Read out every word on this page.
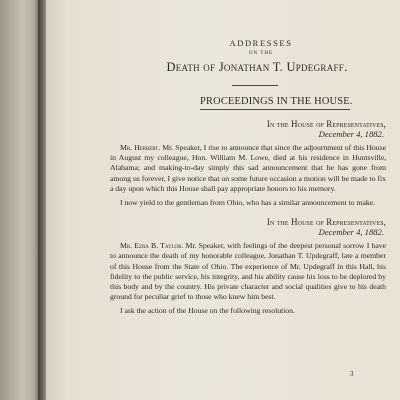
ADDRESSES
ON THE
Death of Jonathan T. Updegraff.
PROCEEDINGS IN THE HOUSE.
In the House of Representatives,
December 4, 1882.

Mr. Herbert. Mr. Speaker, I rise to announce that since the adjournment of this House in August my colleague, Hon. William M. Lowe, died at his residence in Huntsville, Alabama; and making-to-day simply this sad announcement that he has gone from among us forever, I give notice that on some future occasion a motion will be made to fix a day upon which this House shall pay appropriate honors to his memory.

I now yield to the gentleman from Ohio, who has a similar announcement to make.

In the House of Representatives,
December 4, 1882.

Mr. Ezra B. Taylor. Mr. Speaker, with feelings of the deepest personal sorrow I have to announce the death of my honorable colleague, Jonathan T. Updegraff, late a member of this House from the State of Ohio. The experience of Mr. Updegraff in this Hall, his fidelity to the public service, his integrity, and his ability cause his loss to be deplored by this body and by the country. His private character and social qualities give to his death ground for peculiar grief to those who knew him best.

I ask the action of the House on the following resolution.

3
